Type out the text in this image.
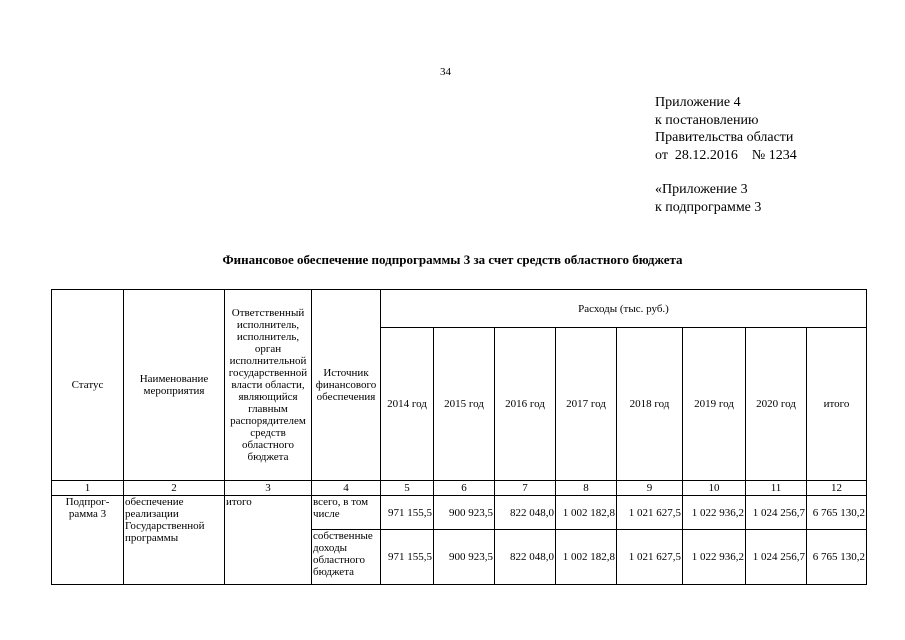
34
Приложение 4
к постановлению
Правительства области
от  28.12.2016    № 1234
«Приложение 3
к подпрограмме 3
Финансовое обеспечение подпрограммы 3 за счет средств областного бюджета
Статус	Наименование мероприятия	Ответственный исполнитель, исполнитель, орган исполнительной государственной власти области, являющийся главным распорядителем средств областного бюджета	Источник финансового обеспечения	Расходы (тыс. руб.)							
				2014 год	2015 год	2016 год	2017 год	2018 год	2019 год	2020 год	итого
1	2	3	4	5	6	7	8	9	10	11	12
Подпрог-рамма 3	обеспечение реализации Государственной программы	итого	всего, в том числе	971 155,5	900 923,5	822 048,0	1 002 182,8	1 021 627,5	1 022 936,2	1 024 256,7	6 765 130,2
			собственные доходы областного бюджета	971 155,5	900 923,5	822 048,0	1 002 182,8	1 021 627,5	1 022 936,2	1 024 256,7	6 765 130,2
